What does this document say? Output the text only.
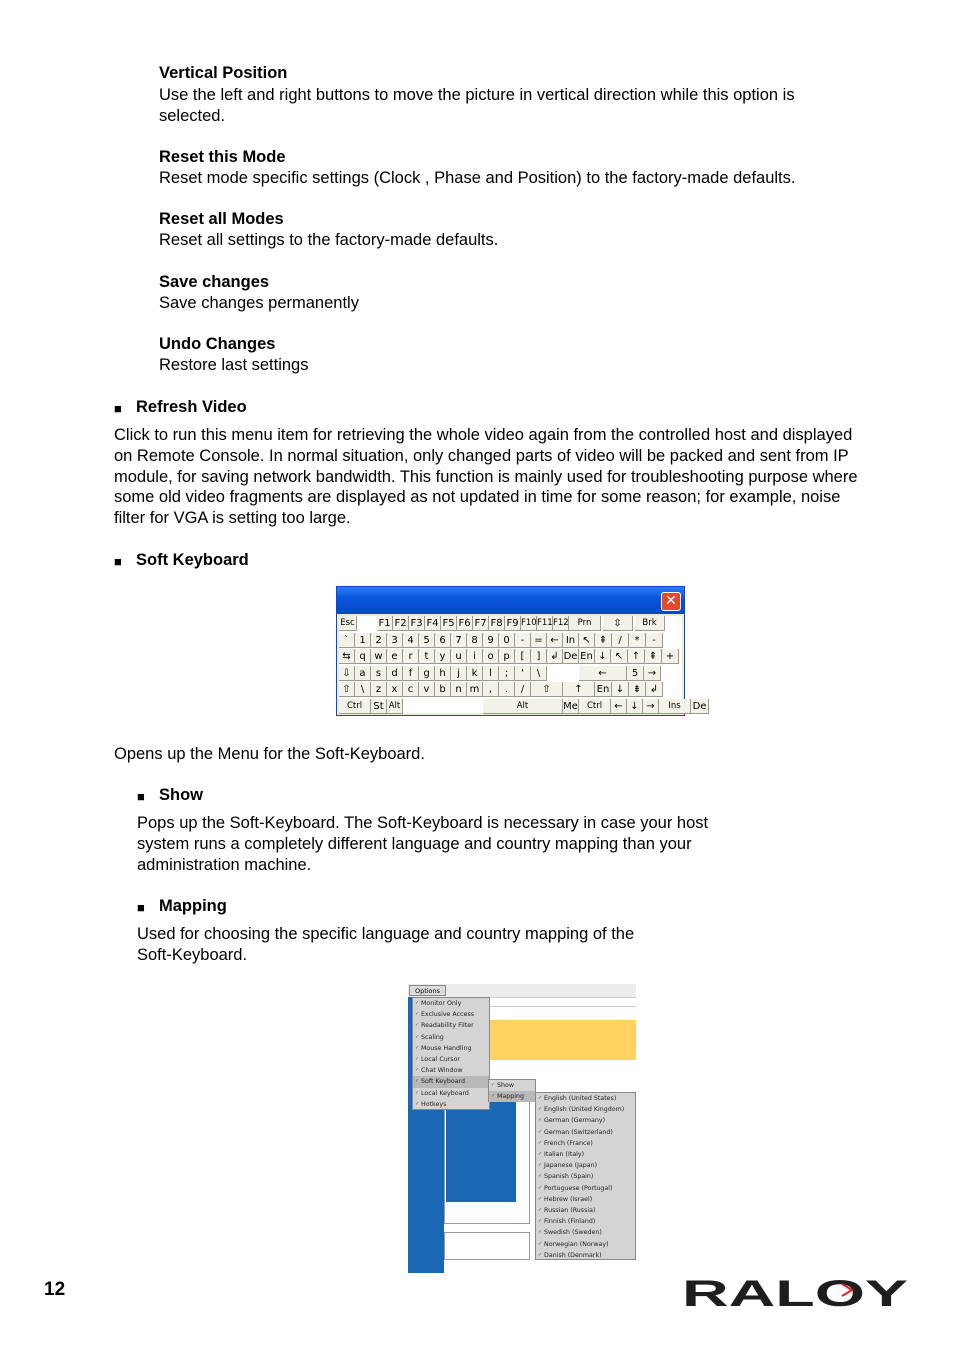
Vertical Position
Use the left and right buttons to move the picture in vertical direction while this option is
selected.
Reset this Mode
Reset mode specific settings (Clock , Phase and Position) to the factory-made defaults.
Reset all Modes
Reset all settings to the factory-made defaults.
Save changes
Save changes permanently
Undo Changes
Restore last settings
■ Refresh Video
Click to run this menu item for retrieving the whole video again from the controlled host and displayed
on Remote Console. In normal situation, only changed parts of video will be packed and sent from IP
module, for saving network bandwidth. This function is mainly used for troubleshooting purpose where
some old video fragments are displayed as not updated in time for some reason; for example, noise
filter for VGA is setting too large.
■ Soft Keyboard
✕
Esc F1 F2 F3 F4 F5 F6 F7 F8 F9 F10 F11 F12	Prn	⇳	Brk
`	1 2 3 4 5 6 7 8 9 0	-	= ← In ↖ ⇞	/	*	-
⇆ q w e	r	t	y u	i	o p	[	] ↲ De En ↓ ↖ ↑ ⇞ +
⇩ a	s	d	f	g h	j	k	l	;	'	\	←	5 →
⇧	\	z	x	c	v b n m ,	.	/	⇧	↑	En ↓ ⇟ ↲
Ctrl	St Alt	Alt	Me	Ctrl	← ↓ →	Ins	De
Opens up the Menu for the Soft-Keyboard.
■ Show
Pops up the Soft-Keyboard. The Soft-Keyboard is necessary in case your host
system runs a completely different language and country mapping than your
administration machine.
■ Mapping
Used for choosing the specific language and country mapping of the
Soft-Keyboard.
Options
✓ Monitor Only
✓ Exclusive Access
✓ Readability Filter
✓ Scaling
✓ Mouse Handling
✓ Local Cursor
✓ Chat Window
✓ Soft Keyboard
✓ Local Keyboard
✓ Hotkeys
✓ Show
✓ Mapping	✓ English (United States)
✓ English (United Kingdom)
✓ German (Germany)
✓ German (Switzerland)
✓ French (France)
✓ Italian (Italy)
✓ Japanese (Japan)
✓ Spanish (Spain)
✓ Portuguese (Portugal)
✓ Hebrew (Israel)
✓ Russian (Russia)
✓ Finnish (Finland)
✓ Swedish (Sweden)
✓ Norwegian (Norway)
✓ Danish (Denmark)
12	RALOY
